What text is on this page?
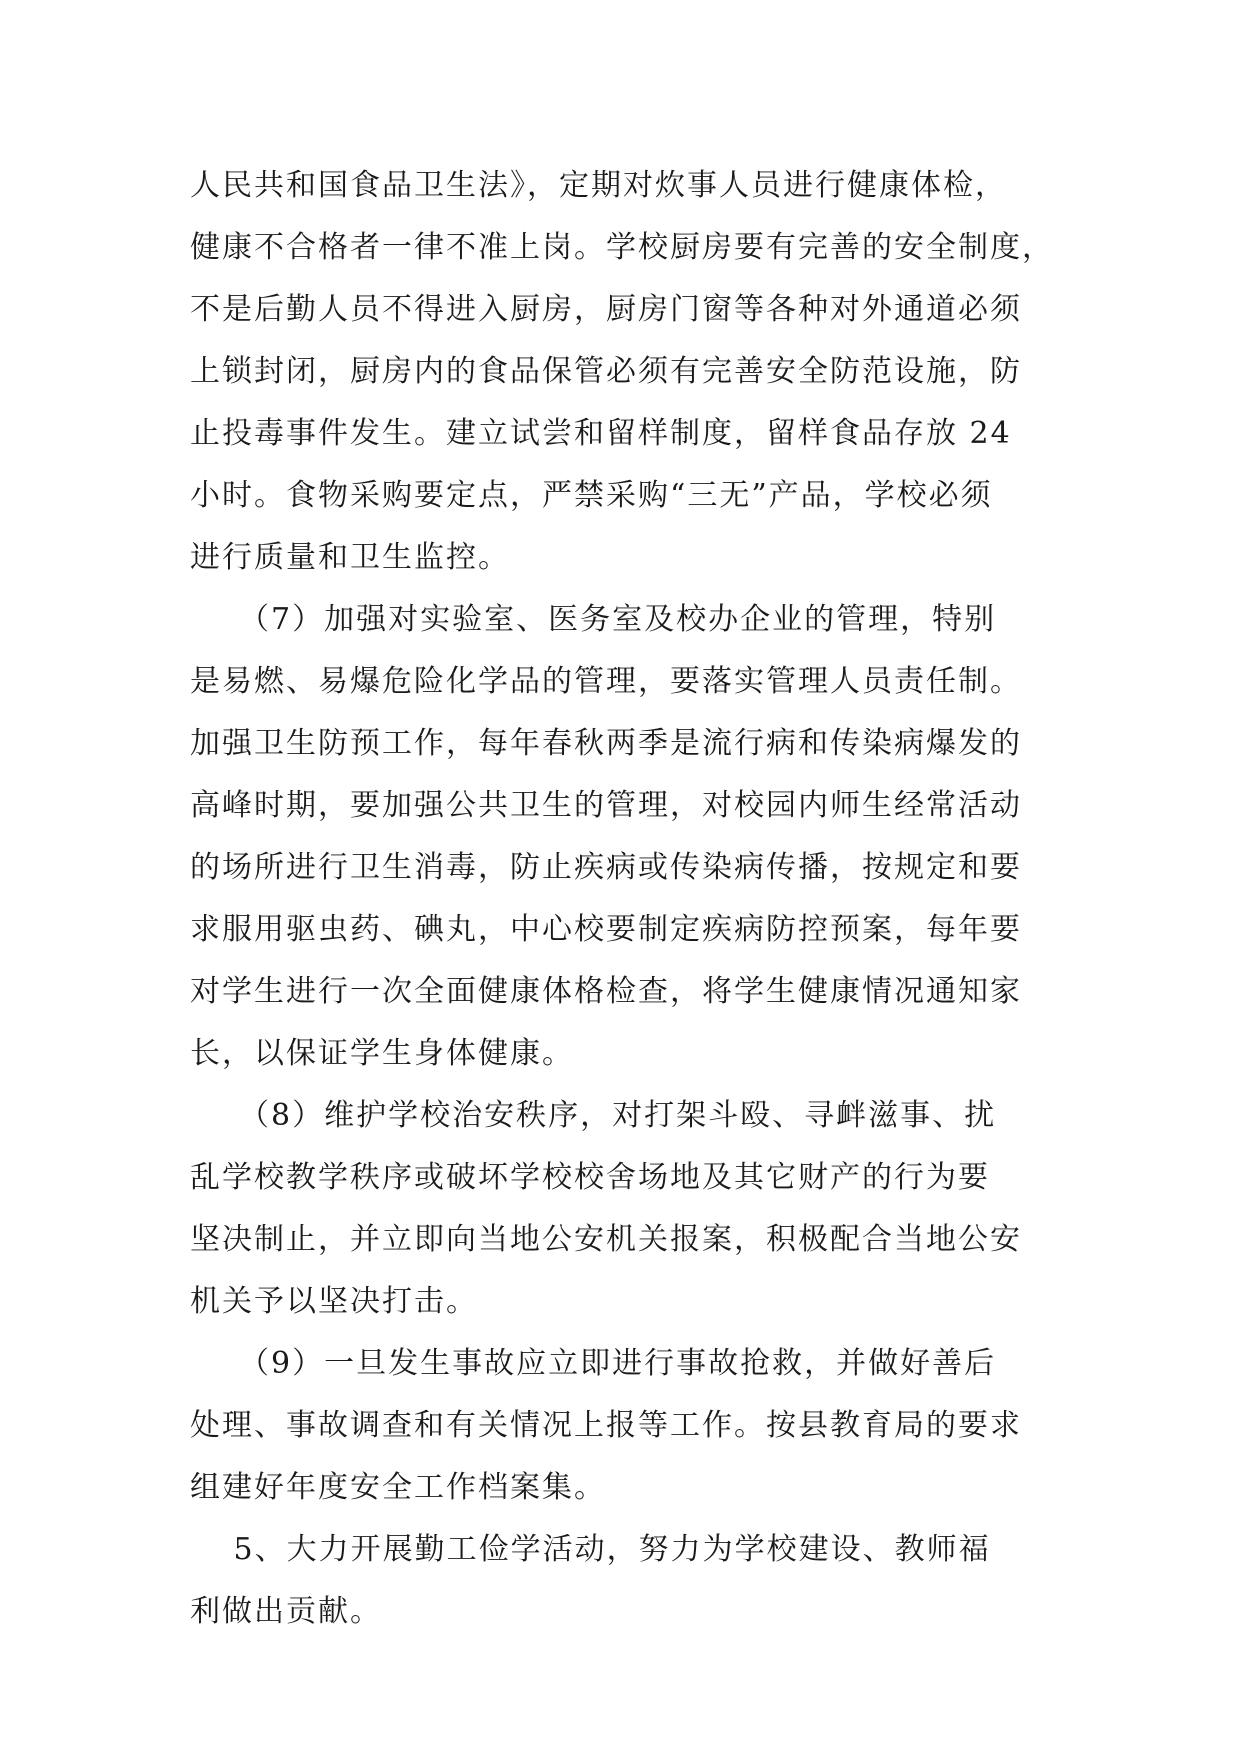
人民共和国食品卫生法》，定期对炊事人员进行健康体检，
健康不合格者一律不准上岗。学校厨房要有完善的安全制度，
不是后勤人员不得进入厨房，厨房门窗等各种对外通道必须
上锁封闭，厨房内的食品保管必须有完善安全防范设施，防
止投毒事件发生。建立试尝和留样制度，留样食品存放 24
小时。食物采购要定点，严禁采购“三无”产品，学校必须
进行质量和卫生监控。
　　（7）加强对实验室、医务室及校办企业的管理，特别
是易燃、易爆危险化学品的管理，要落实管理人员责任制。
加强卫生防预工作，每年春秋两季是流行病和传染病爆发的
高峰时期，要加强公共卫生的管理，对校园内师生经常活动
的场所进行卫生消毒，防止疾病或传染病传播，按规定和要
求服用驱虫药、碘丸，中心校要制定疾病防控预案，每年要
对学生进行一次全面健康体格检查，将学生健康情况通知家
长，以保证学生身体健康。
　　（8）维护学校治安秩序，对打架斗殴、寻衅滋事、扰
乱学校教学秩序或破坏学校校舍场地及其它财产的行为要
坚决制止，并立即向当地公安机关报案，积极配合当地公安
机关予以坚决打击。
　　（9）一旦发生事故应立即进行事故抢救，并做好善后
处理、事故调查和有关情况上报等工作。按县教育局的要求
组建好年度安全工作档案集。
　 5、大力开展勤工俭学活动，努力为学校建设、教师福
利做出贡献。
